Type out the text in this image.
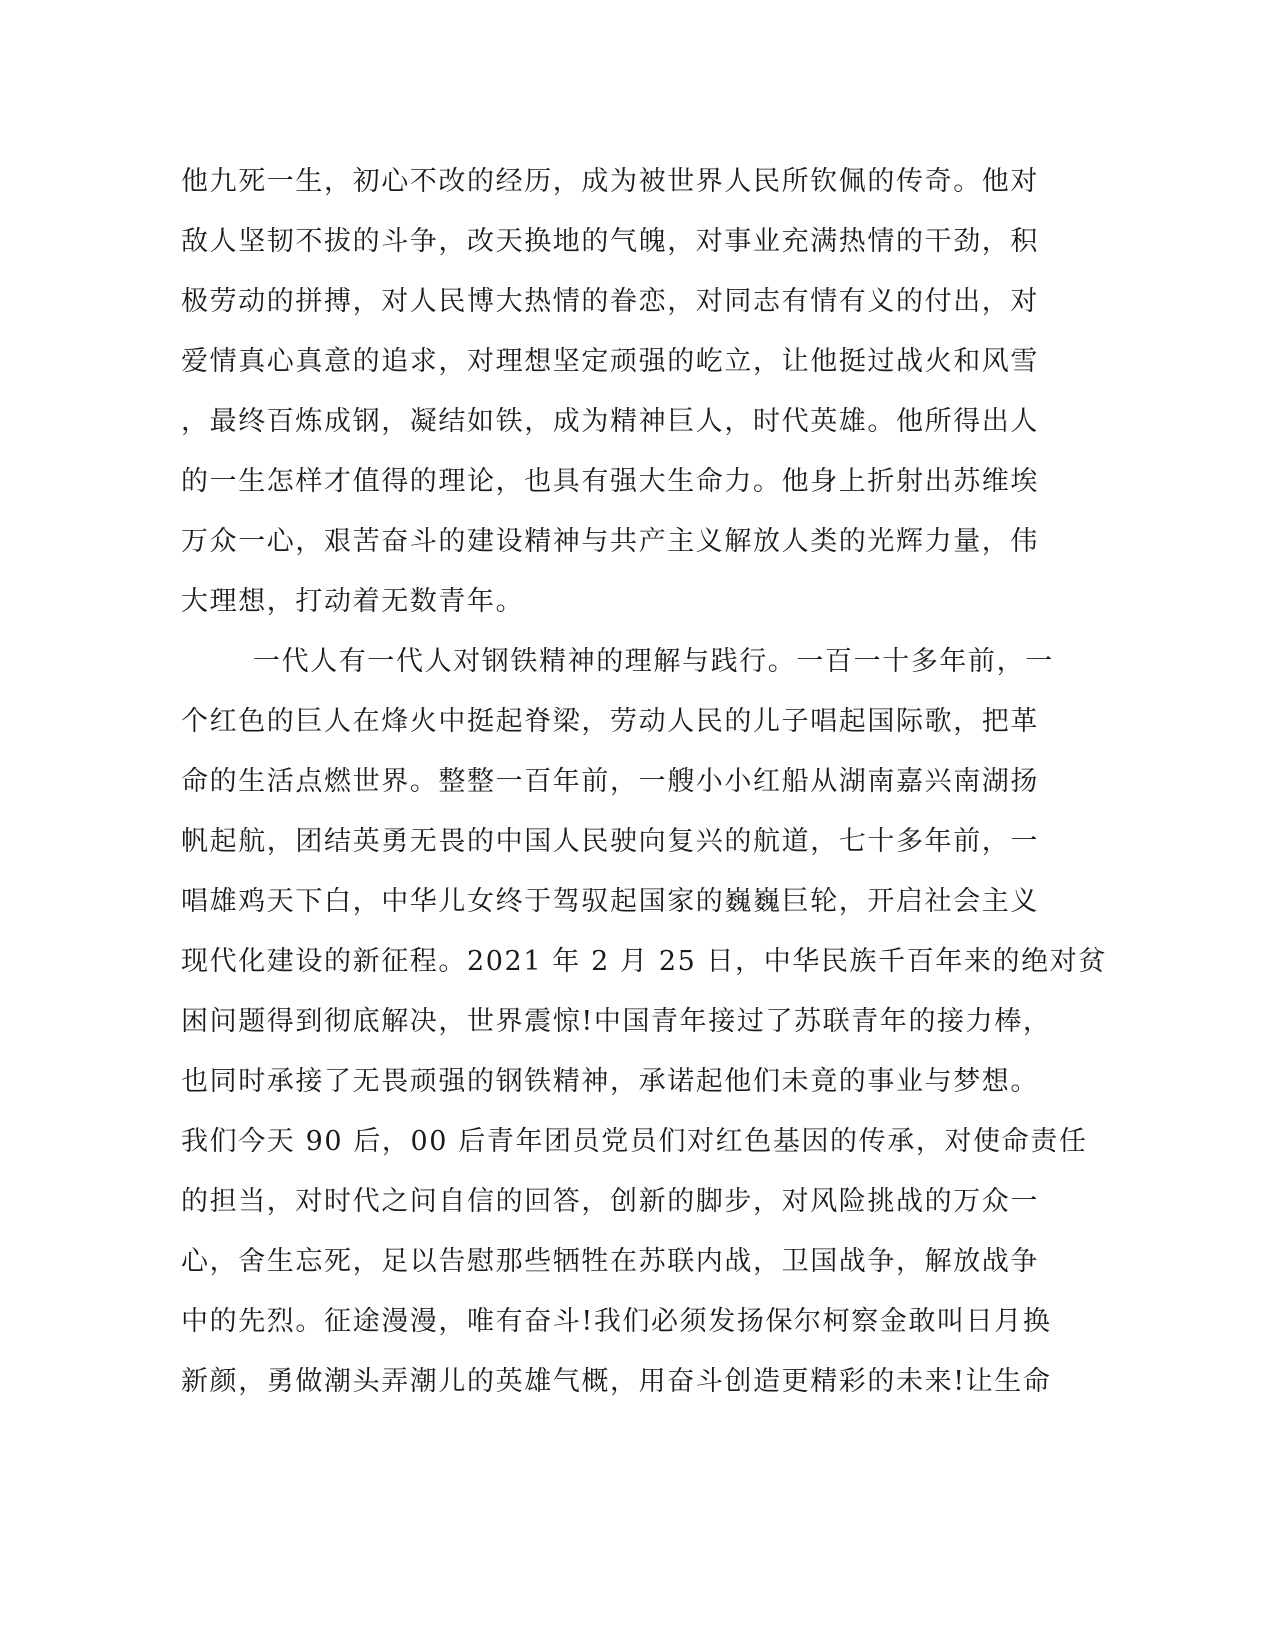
他九死一生，初心不改的经历，成为被世界人民所钦佩的传奇。他对
敌人坚韧不拔的斗争，改天换地的气魄，对事业充满热情的干劲，积
极劳动的拼搏，对人民博大热情的眷恋，对同志有情有义的付出，对
爱情真心真意的追求，对理想坚定顽强的屹立，让他挺过战火和风雪
，最终百炼成钢，凝结如铁，成为精神巨人，时代英雄。他所得出人
的一生怎样才值得的理论，也具有强大生命力。他身上折射出苏维埃
万众一心，艰苦奋斗的建设精神与共产主义解放人类的光辉力量，伟
大理想，打动着无数青年。
一代人有一代人对钢铁精神的理解与践行。一百一十多年前，一
个红色的巨人在烽火中挺起脊梁，劳动人民的儿子唱起国际歌，把革
命的生活点燃世界。整整一百年前，一艘小小红船从湖南嘉兴南湖扬
帆起航，团结英勇无畏的中国人民驶向复兴的航道，七十多年前，一
唱雄鸡天下白，中华儿女终于驾驭起国家的巍巍巨轮，开启社会主义
现代化建设的新征程。2021 年 2 月 25 日，中华民族千百年来的绝对贫
困问题得到彻底解决，世界震惊!中国青年接过了苏联青年的接力棒，
也同时承接了无畏顽强的钢铁精神，承诺起他们未竟的事业与梦想。
我们今天 90 后，00 后青年团员党员们对红色基因的传承，对使命责任
的担当，对时代之问自信的回答，创新的脚步，对风险挑战的万众一
心，舍生忘死，足以告慰那些牺牲在苏联内战，卫国战争，解放战争
中的先烈。征途漫漫，唯有奋斗!我们必须发扬保尔柯察金敢叫日月换
新颜，勇做潮头弄潮儿的英雄气概，用奋斗创造更精彩的未来!让生命
